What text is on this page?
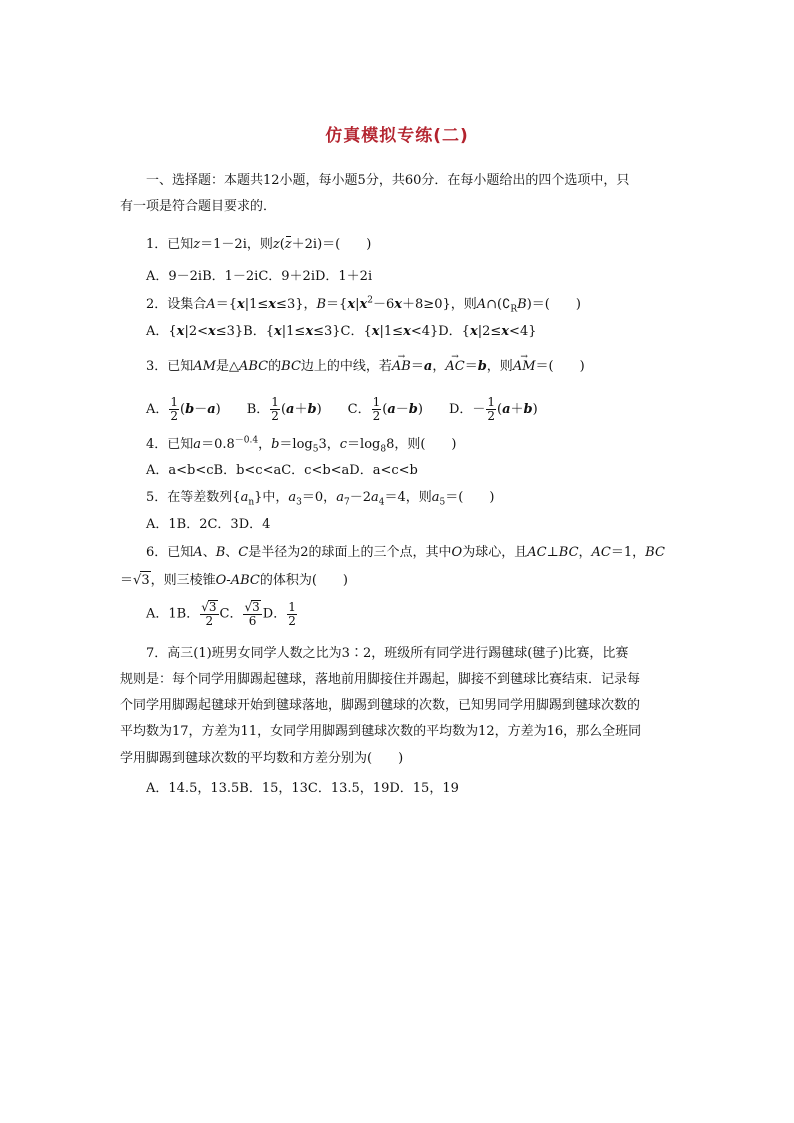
仿真模拟专练(二)
一、选择题：本题共12小题，每小题5分，共60分．在每小题给出的四个选项中，只
有一项是符合题目要求的．
1．已知z＝1－2i，则z(z＋2i)＝(　　)
A．9－2iB．1－2iC．9＋2iD．1＋2i
2．设集合A＝{x|1≤x≤3}，$B=\{x|x^2-6x+8\ge 0\}$，则$A\cap(∁_RB)=$(　　)
A．{x|2<x≤3}B．{x|1≤x≤3}C．{x|1≤x<4}D．{x|2≤x<4}
3．已知AM是△ABC的BC边上的中线，若→ AB＝a，→ AC＝b，则→ AM＝(　　)
A． $\frac{1}{2} (b-a)$ B． $\frac{1}{2} (a+b)$ C． $\frac{1}{2} (a-b)$ D．－ $\frac{1}{2} (a+b)$
4．已知$a=0.8^{-0.4}$，$b=\log_53$，$c=\log_88$，则(　　)
A．a<b<cB．b<c<aC．c<b<aD．a<c<b
5．在等差数列$\{a_n\}$中，$a_3=0$，$a_7-2a_4=4$，则$a_5=$(　　)
A．1B．2C．3D．4
6．已知A、B、C是半径为2的球面上的三个点，其中O为球心，且AC⊥BC，AC＝1，BC
＝√3，则三棱锥O-ABC的体积为(　　)
A．1B． $\frac{√3}{2}$ C． $\frac{√3}{6}$ D． $\frac{1}{2}$
7．高三(1)班男女同学人数之比为3∶2，班级所有同学进行踢毽球(毽子)比赛，比赛
规则是：每个同学用脚踢起毽球，落地前用脚接住并踢起，脚接不到毽球比赛结束．记录每
个同学用脚踢起毽球开始到毽球落地，脚踢到毽球的次数，已知男同学用脚踢到毽球次数的
平均数为17，方差为11，女同学用脚踢到毽球次数的平均数为12，方差为16，那么全班同
学用脚踢到毽球次数的平均数和方差分别为(　　)
A．14.5，13.5B．15，13C．13.5，19D．15，19
